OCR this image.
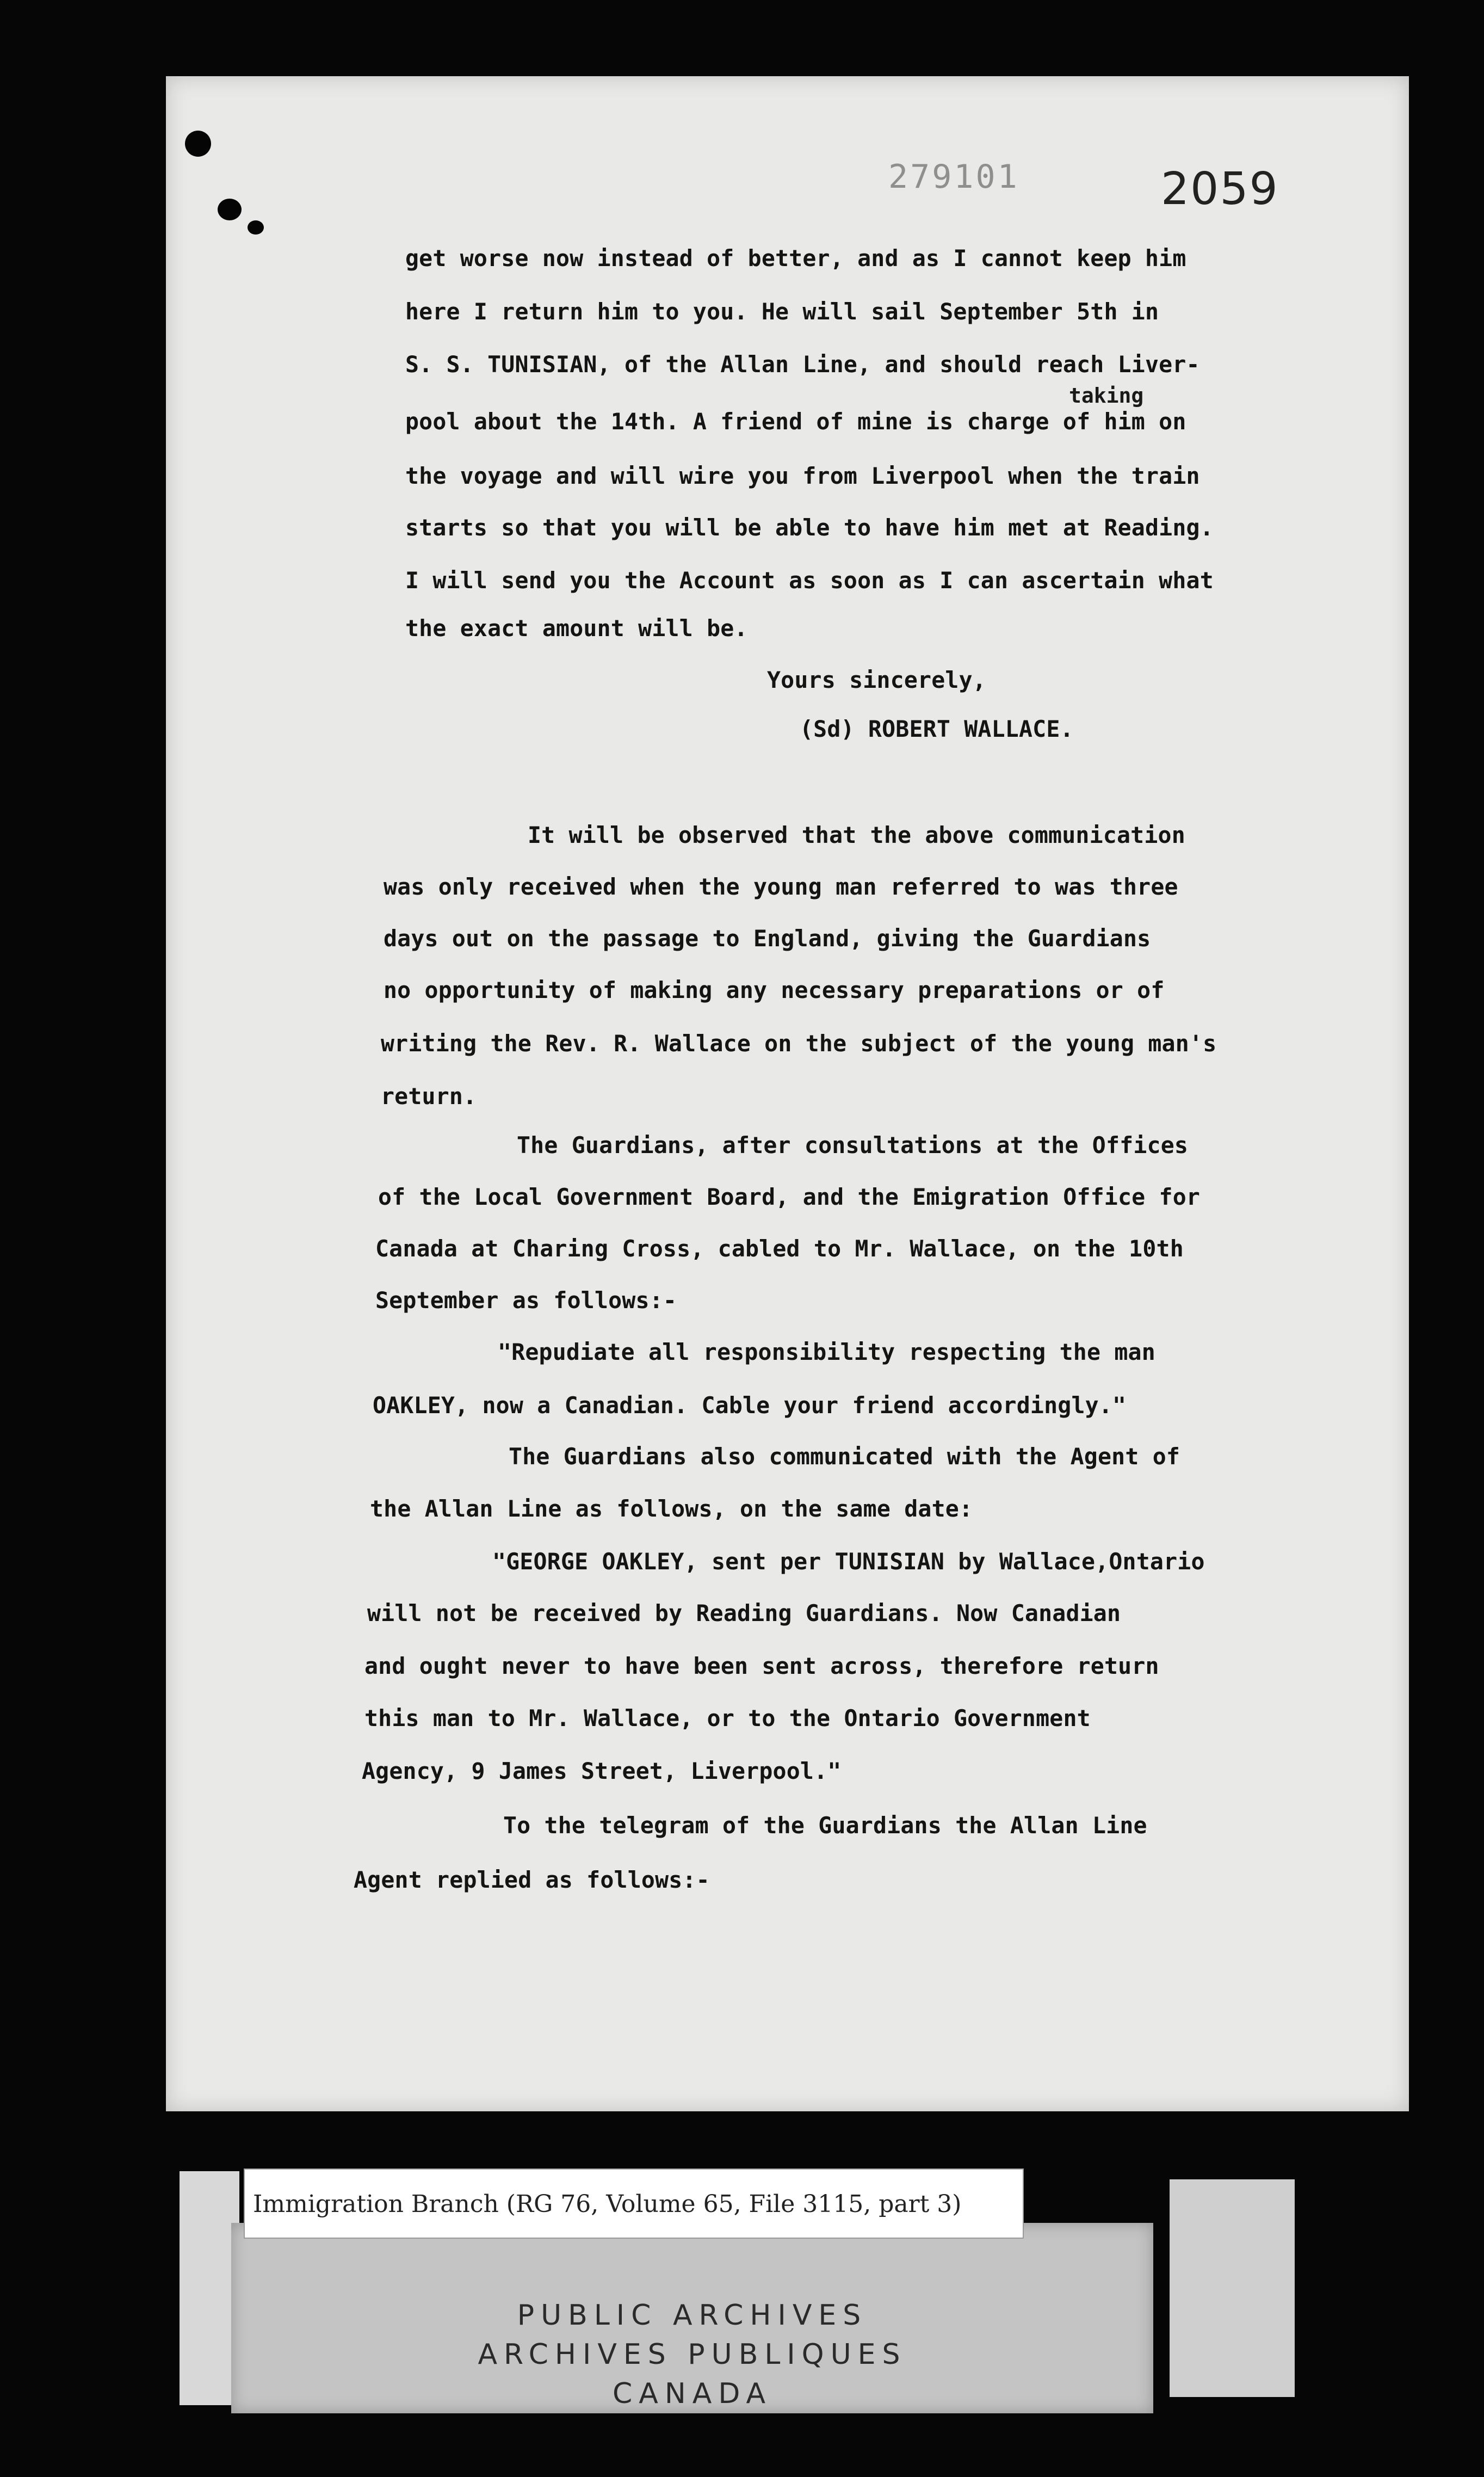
279101	2059
get worse now instead of better, and as I cannot keep him
here I return him to you. He will sail September 5th in
S. S. TUNISIAN, of the Allan Line, and should reach Liver-
taking
pool about the 14th. A friend of mine is charge of him on
the voyage and will wire you from Liverpool when the train
starts so that you will be able to have him met at Reading.
I will send you the Account as soon as I can ascertain what
the exact amount will be.
Yours sincerely,
(Sd) ROBERT WALLACE.
It will be observed that the above communication
was only received when the young man referred to was three
days out on the passage to England, giving the Guardians
no opportunity of making any necessary preparations or of
writing the Rev. R. Wallace on the subject of the young man's
return.
The Guardians, after consultations at the Offices
of the Local Government Board, and the Emigration Office for
Canada at Charing Cross, cabled to Mr. Wallace, on the 10th
September as follows:-
"Repudiate all responsibility respecting the man
OAKLEY, now a Canadian. Cable your friend accordingly."
The Guardians also communicated with the Agent of
the Allan Line as follows, on the same date:
"GEORGE OAKLEY, sent per TUNISIAN by Wallace,Ontario
will not be received by Reading Guardians. Now Canadian
and ought never to have been sent across, therefore return
this man to Mr. Wallace, or to the Ontario Government
Agency, 9 James Street, Liverpool."
To the telegram of the Guardians the Allan Line
Agent replied as follows:-
PUBLIC ARCHIVES
ARCHIVES PUBLIQUES
CANADA
Immigration Branch (RG 76, Volume 65, File 3115, part 3)
